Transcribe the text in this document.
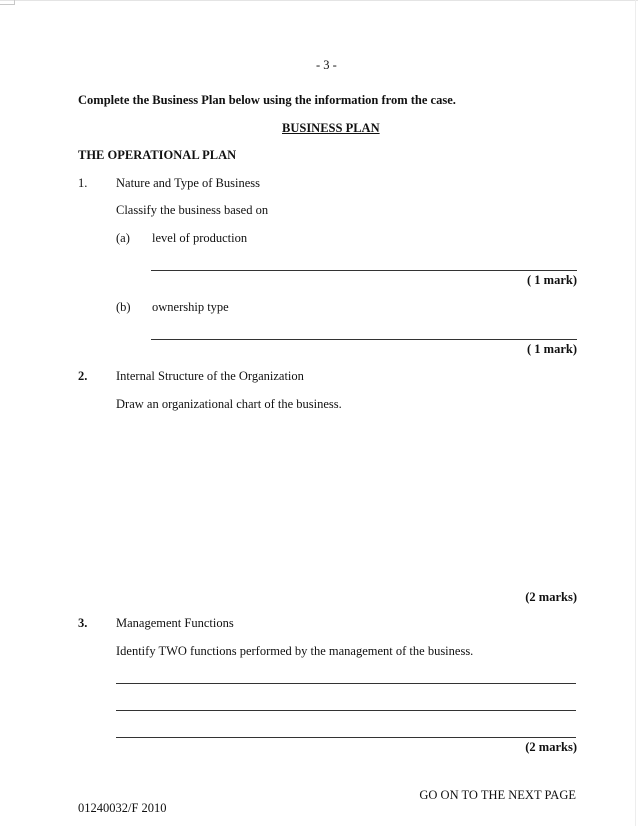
- 3 -
Complete the Business Plan below using the information from the case.
BUSINESS PLAN
THE OPERATIONAL PLAN
1. Nature and Type of Business
Classify the business based on
(a) level of production
( 1 mark)
(b) ownership type
( 1 mark)
2. Internal Structure of the Organization
Draw an organizational chart of the business.
(2 marks)
3. Management Functions
Identify TWO functions performed by the management of the business.
(2 marks)
GO ON TO THE NEXT PAGE
01240032/F 2010
